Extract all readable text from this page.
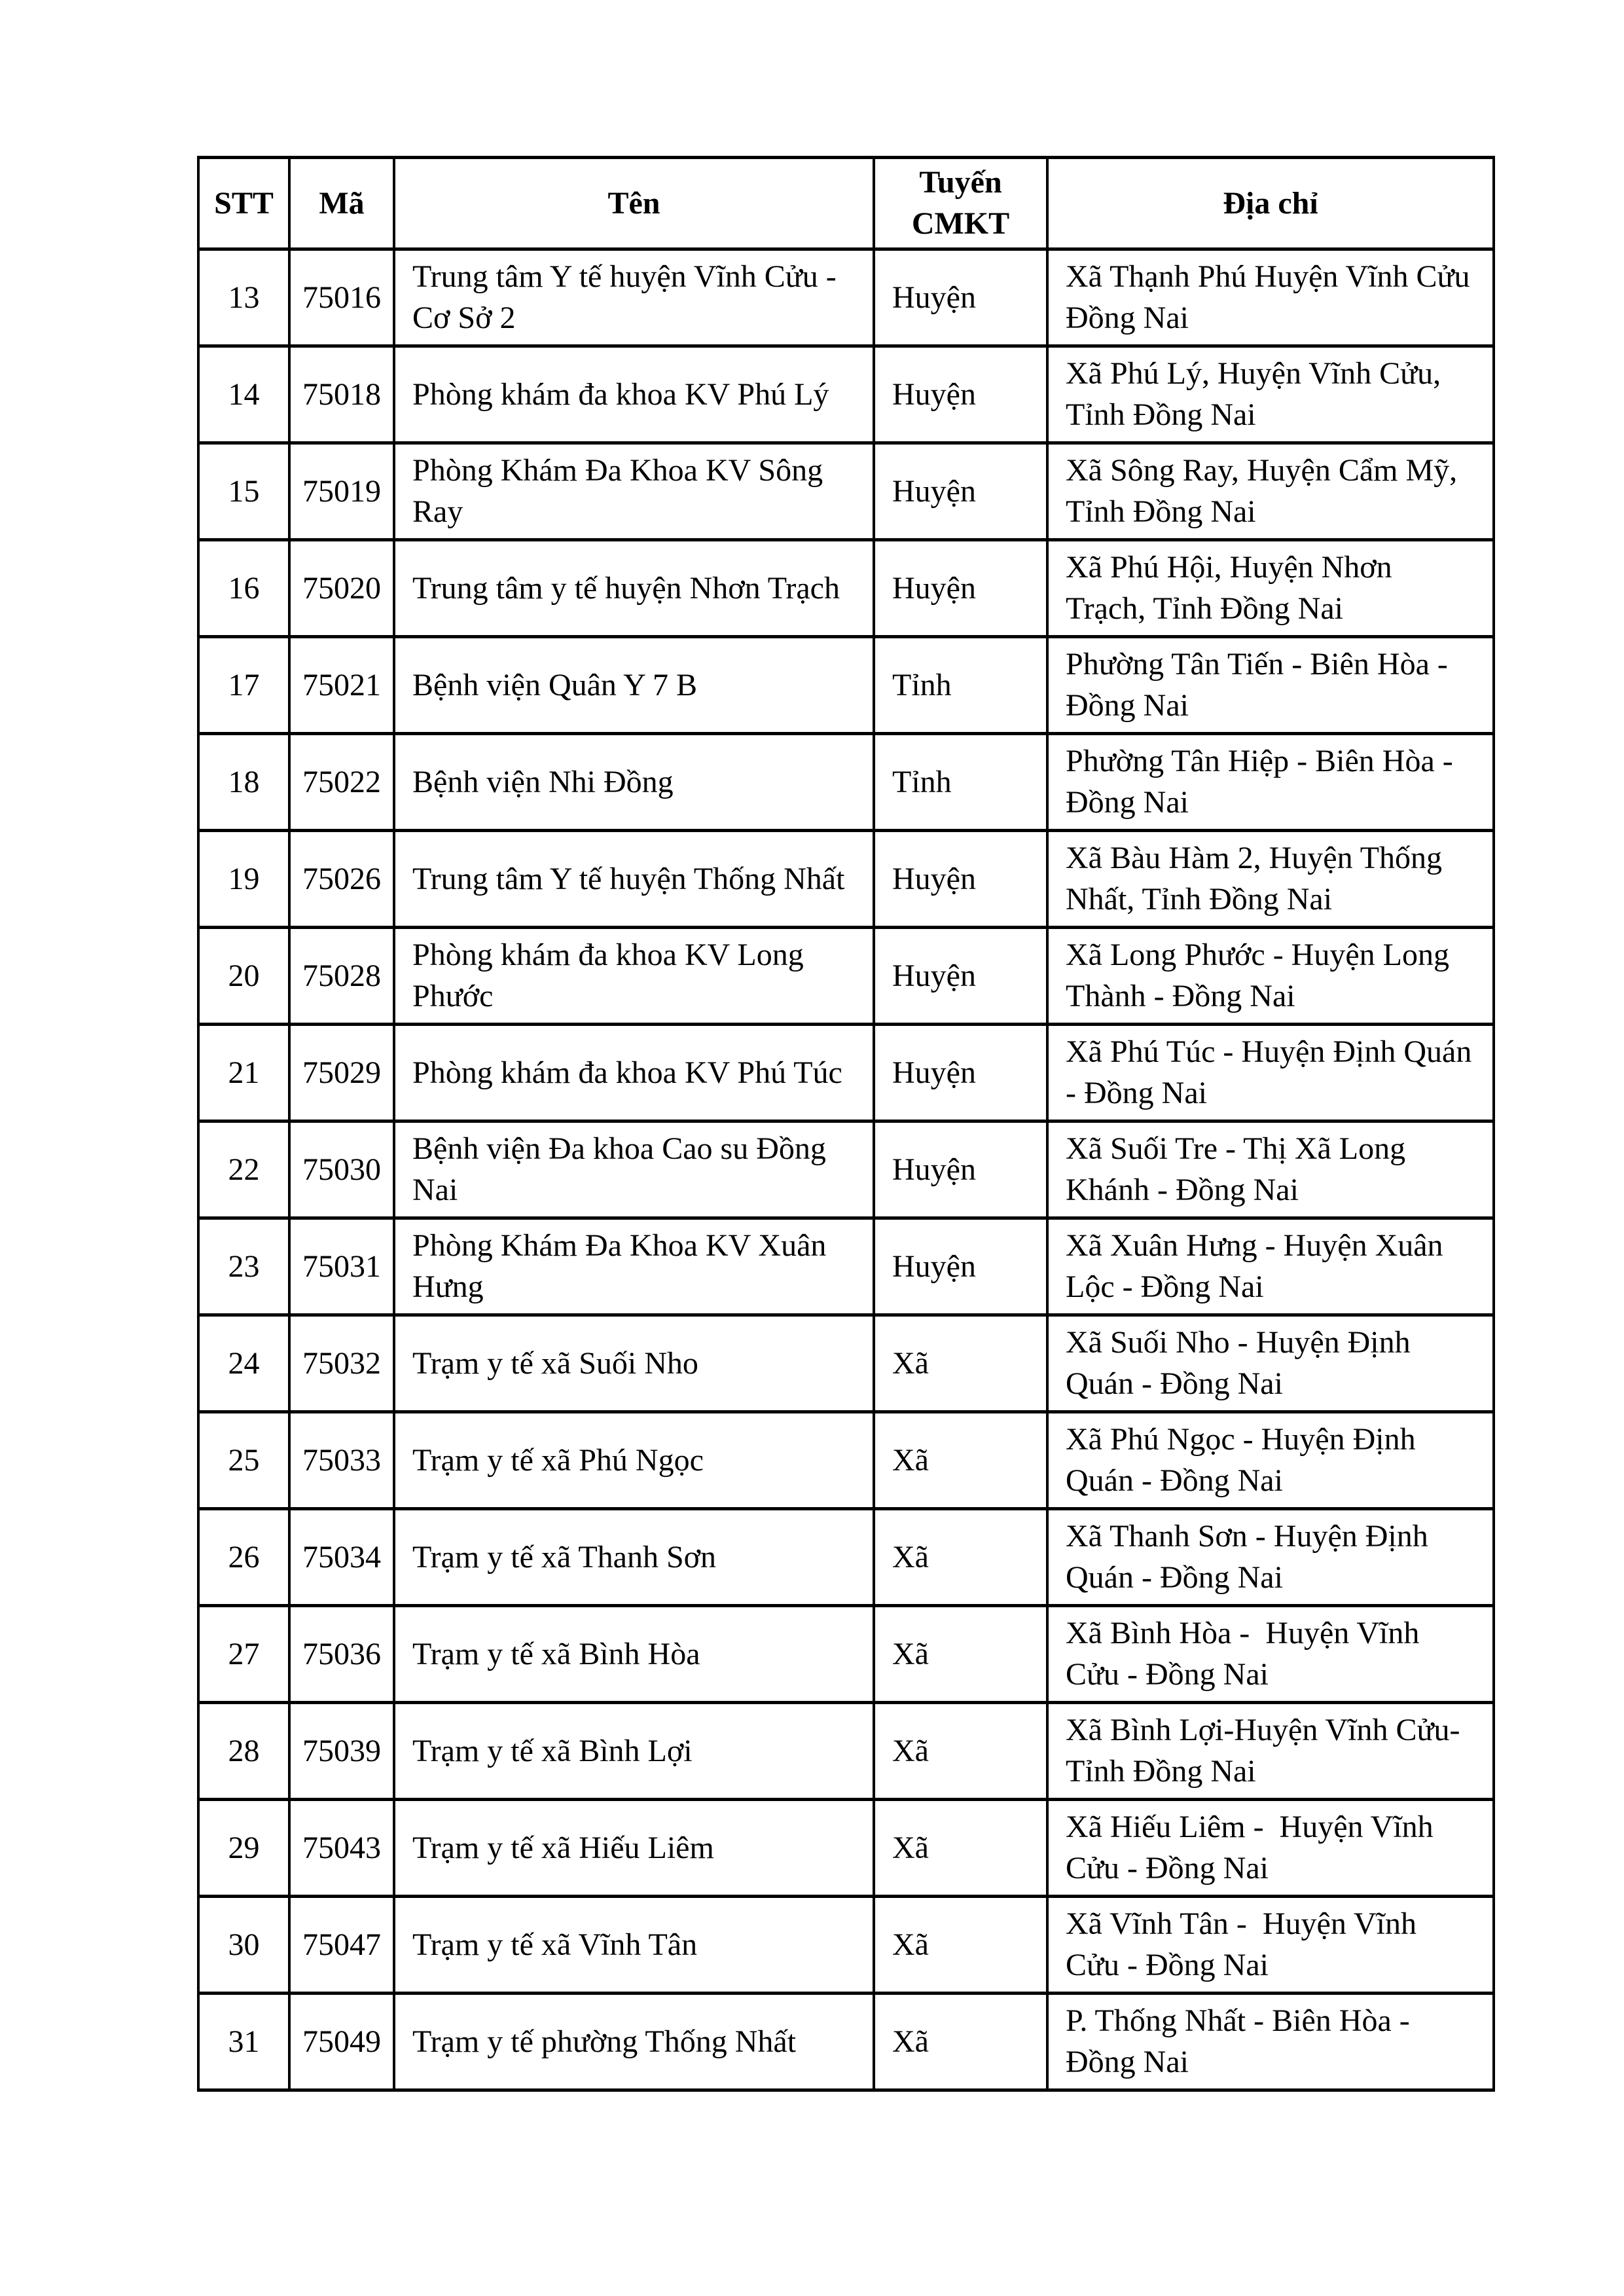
STT	Mã	Tên	Tuyến CMKT	Địa chỉ
13	75016	Trung tâm Y tế huyện Vĩnh Cửu -Cơ Sở 2	Huyện	Xã Thạnh Phú Huyện Vĩnh Cửu Đồng Nai
14	75018	Phòng khám đa khoa KV Phú Lý	Huyện	Xã Phú Lý, Huyện Vĩnh Cửu, Tỉnh Đồng Nai
15	75019	Phòng Khám Đa Khoa KV Sông Ray	Huyện	Xã Sông Ray, Huyện Cẩm Mỹ, Tỉnh Đồng Nai
16	75020	Trung tâm y tế huyện Nhơn Trạch	Huyện	Xã Phú Hội, Huyện Nhơn Trạch, Tỉnh Đồng Nai
17	75021	Bệnh viện Quân Y 7 B	Tỉnh	Phường Tân Tiến - Biên Hòa - Đồng Nai
18	75022	Bệnh viện Nhi Đồng	Tỉnh	Phường Tân Hiệp - Biên Hòa - Đồng Nai
19	75026	Trung tâm Y tế huyện Thống Nhất	Huyện	Xã Bàu Hàm 2, Huyện Thống Nhất, Tỉnh Đồng Nai
20	75028	Phòng khám đa khoa KV Long Phước	Huyện	Xã Long Phước - Huyện Long Thành - Đồng Nai
21	75029	Phòng khám đa khoa KV Phú Túc	Huyện	Xã Phú Túc - Huyện Định Quán - Đồng Nai
22	75030	Bệnh viện Đa khoa Cao su Đồng Nai	Huyện	Xã Suối Tre - Thị Xã Long Khánh - Đồng Nai
23	75031	Phòng Khám Đa Khoa KV Xuân Hưng	Huyện	Xã Xuân Hưng - Huyện Xuân Lộc - Đồng Nai
24	75032	Trạm y tế xã Suối Nho	Xã	Xã Suối Nho - Huyện Định Quán - Đồng Nai
25	75033	Trạm y tế xã Phú Ngọc	Xã	Xã Phú Ngọc - Huyện Định Quán - Đồng Nai
26	75034	Trạm y tế xã Thanh Sơn	Xã	Xã Thanh Sơn - Huyện Định Quán - Đồng Nai
27	75036	Trạm y tế xã Bình Hòa	Xã	Xã Bình Hòa -  Huyện Vĩnh Cửu - Đồng Nai
28	75039	Trạm y tế xã Bình Lợi	Xã	Xã Bình Lợi-Huyện Vĩnh Cửu- Tỉnh Đồng Nai
29	75043	Trạm y tế xã Hiếu Liêm	Xã	Xã Hiếu Liêm -  Huyện Vĩnh Cửu - Đồng Nai
30	75047	Trạm y tế xã Vĩnh Tân	Xã	Xã Vĩnh Tân -  Huyện Vĩnh Cửu - Đồng Nai
31	75049	Trạm y tế phường Thống Nhất	Xã	P. Thống Nhất - Biên Hòa - Đồng Nai
